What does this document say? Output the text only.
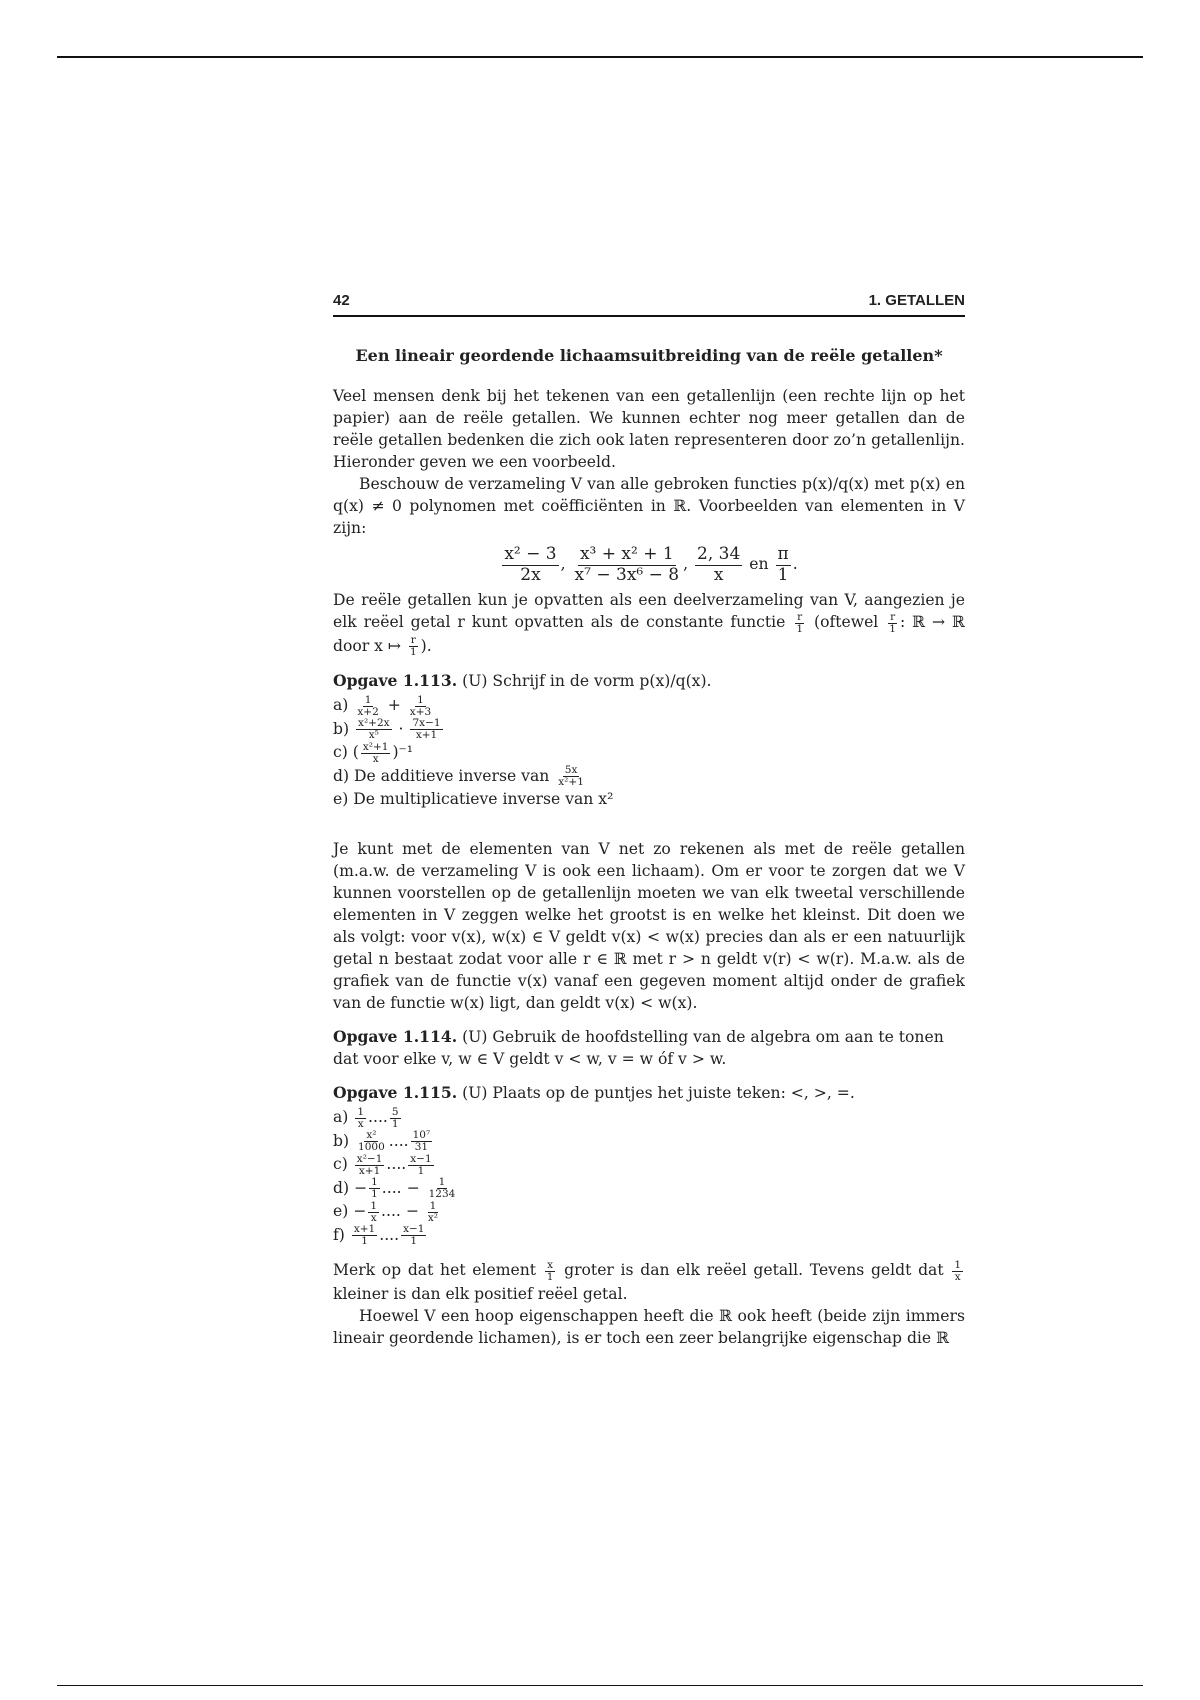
42	1. GETALLEN
Een lineair geordende lichaamsuitbreiding van de reële getallen*

Veel mensen denk bij het tekenen van een getallenlijn (een rechte lijn op het papier) aan de reële getallen. We kunnen echter nog meer getallen dan de reële getallen bedenken die zich ook laten representeren door zo’n getallenlijn. Hieronder geven we een voorbeeld.

Beschouw de verzameling V van alle gebroken functies p(x)/q(x) met p(x) en q(x) ≠ 0 polynomen met coëfficiënten in ℝ. Voorbeelden van elementen in V zijn:

$\frac{\text{x² − 3}}{2x}$ , $\frac{\text{x³ + x² + 1}}{\text{x⁷ − 3x⁶ − 8}}$ , $\frac{2, 34}{x}$ en $\frac{\pi}{1}$ .

De reële getallen kun je opvatten als een deelverzameling van V, aangezien je elk reëel getal r kunt opvatten als de constante functie $\frac{r}{1}$ (oftewel $\frac{r}{1}$ : ℝ → ℝ door x ↦ $\frac{r}{1}$ ).

Opgave 1.113. (U) Schrijf in de vorm p(x)/q(x).
$a) \frac{1}{x+2} + \frac{1}{x+3}$
$b) \frac{\text{x²+2x}}{\text{x⁵}} \cdot \frac{7x-1}{x+1}$
c) ( $\frac{\text{x²+1}}{x} )^{-1}$
d) De additieve inverse van $\frac{5x}{\text{x²+1}}$
e) De multiplicatieve inverse van x²

Je kunt met de elementen van V net zo rekenen als met de reële getallen (m.a.w. de verzameling V is ook een lichaam). Om er voor te zorgen dat we V kunnen voorstellen op de getallenlijn moeten we van elk tweetal verschillende elementen in V zeggen welke het grootst is en welke het kleinst. Dit doen we als volgt: voor v(x), w(x) ∈ V geldt v(x) < w(x) precies dan als er een natuurlijk getal n bestaat zodat voor alle r ∈ ℝ met r > n geldt v(r) < w(r). M.a.w. als de grafiek van de functie v(x) vanaf een gegeven moment altijd onder de grafiek van de functie w(x) ligt, dan geldt v(x) < w(x).

Opgave 1.114. (U) Gebruik de hoofdstelling van de algebra om aan te tonen dat voor elke v, w ∈ V geldt v < w, v = w óf v > w.
Opgave 1.115. (U) Plaats op de puntjes het juiste teken: <, >, =.
$a) \frac{1}{x}$ .... $\frac{5}{1}$
$b) \frac{\text{x²}}{1000}$ .... $\frac{\text{10⁷}}{31}$
$c) \frac{\text{x²−1}}{x+1}$ .... $\frac{x-1}{1}$
$d) - \frac{1}{1}$ .... − $\frac{1}{1234}$
$e) - \frac{1}{x}$ .... − $\frac{1}{\text{x²}}$
$f) \frac{x+1}{1}$ .... $\frac{x-1}{1}$

Merk op dat het element $\frac{x}{1}$ groter is dan elk reëel getall. Tevens geldt dat $\frac{1}{x}$
kleiner is dan elk positief reëel getal.

Hoewel V een hoop eigenschappen heeft die ℝ ook heeft (beide zijn immers lineair geordende lichamen), is er toch een zeer belangrijke eigenschap die ℝ
